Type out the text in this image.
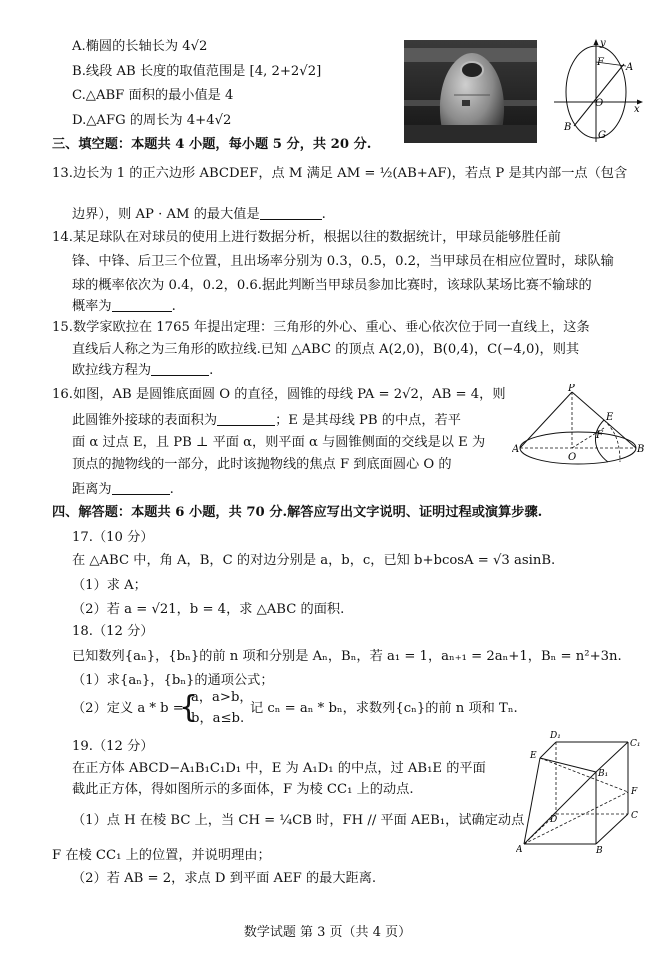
A.椭圆的长轴长为 4√2
B.线段 AB 长度的取值范围是 [4, 2+2√2]
C.△ABF 面积的最小值是 4
D.△AFG 的周长为 4+4√2
y
F A
O
x
B
G
三、填空题：本题共 4 小题，每小题 5 分，共 20 分.
13.边长为 1 的正六边形 ABCDEF，点 M 满足 AM = ½(AB+AF)，若点 P 是其内部一点（包含
边界），则 AP · AM 的最大值是	.
14.某足球队在对球员的使用上进行数据分析，根据以往的数据统计，甲球员能够胜任前
锋、中锋、后卫三个位置，且出场率分别为 0.3，0.5，0.2，当甲球员在相应位置时，球队输
球的概率依次为 0.4，0.2，0.6.据此判断当甲球员参加比赛时，该球队某场比赛不输球的
概率为	.
15.数学家欧拉在 1765 年提出定理：三角形的外心、重心、垂心依次位于同一直线上，这条
直线后人称之为三角形的欧拉线.已知 △ABC 的顶点 A(2,0)，B(0,4)，C(−4,0)，则其
欧拉线方程为	.
16.如图，AB 是圆锥底面圆 O 的直径，圆锥的母线 PA = 2√2，AB = 4，则
此圆锥外接球的表面积为	；E 是其母线 PB 的中点，若平
面 α 过点 E，且 PB ⊥ 平面 α，则平面 α 与圆锥侧面的交线是以 E 为
顶点的抛物线的一部分，此时该抛物线的焦点 F 到底面圆心 O 的
距离为	.
P
E
F
A
O
B
四、解答题：本题共 6 小题，共 70 分.解答应写出文字说明、证明过程或演算步骤.
17.（10 分）
在 △ABC 中，角 A，B，C 的对边分别是 a，b，c，已知 b+bcosA = √3 asinB.
（1）求 A；
（2）若 a = √21，b = 4，求 △ABC 的面积.
18.（12 分）
已知数列{aₙ}，{bₙ}的前 n 项和分别是 Aₙ，Bₙ，若 a₁ = 1，aₙ₊₁ = 2aₙ+1，Bₙ = n²+3n.
（1）求{aₙ}，{bₙ}的通项公式；
（2）定义 a * b =
{
a，a>b，
b，a≤b.
记 cₙ = aₙ * bₙ，求数列{cₙ}的前 n 项和 Tₙ.
19.（12 分）
在正方体 ABCD−A₁B₁C₁D₁ 中，E 为 A₁D₁ 的中点，过 AB₁E 的平面
截此正方体，得如图所示的多面体，F 为棱 CC₁ 上的动点.
（1）点 H 在棱 BC 上，当 CH = ¼CB 时，FH // 平面 AEB₁，试确定动点
F 在棱 CC₁ 上的位置，并说明理由；
（2）若 AB = 2，求点 D 到平面 AEF 的最大距离.
D₁
C₁
E
B₁
F
C
D
A	B
数学试题 第 3 页（共 4 页）
